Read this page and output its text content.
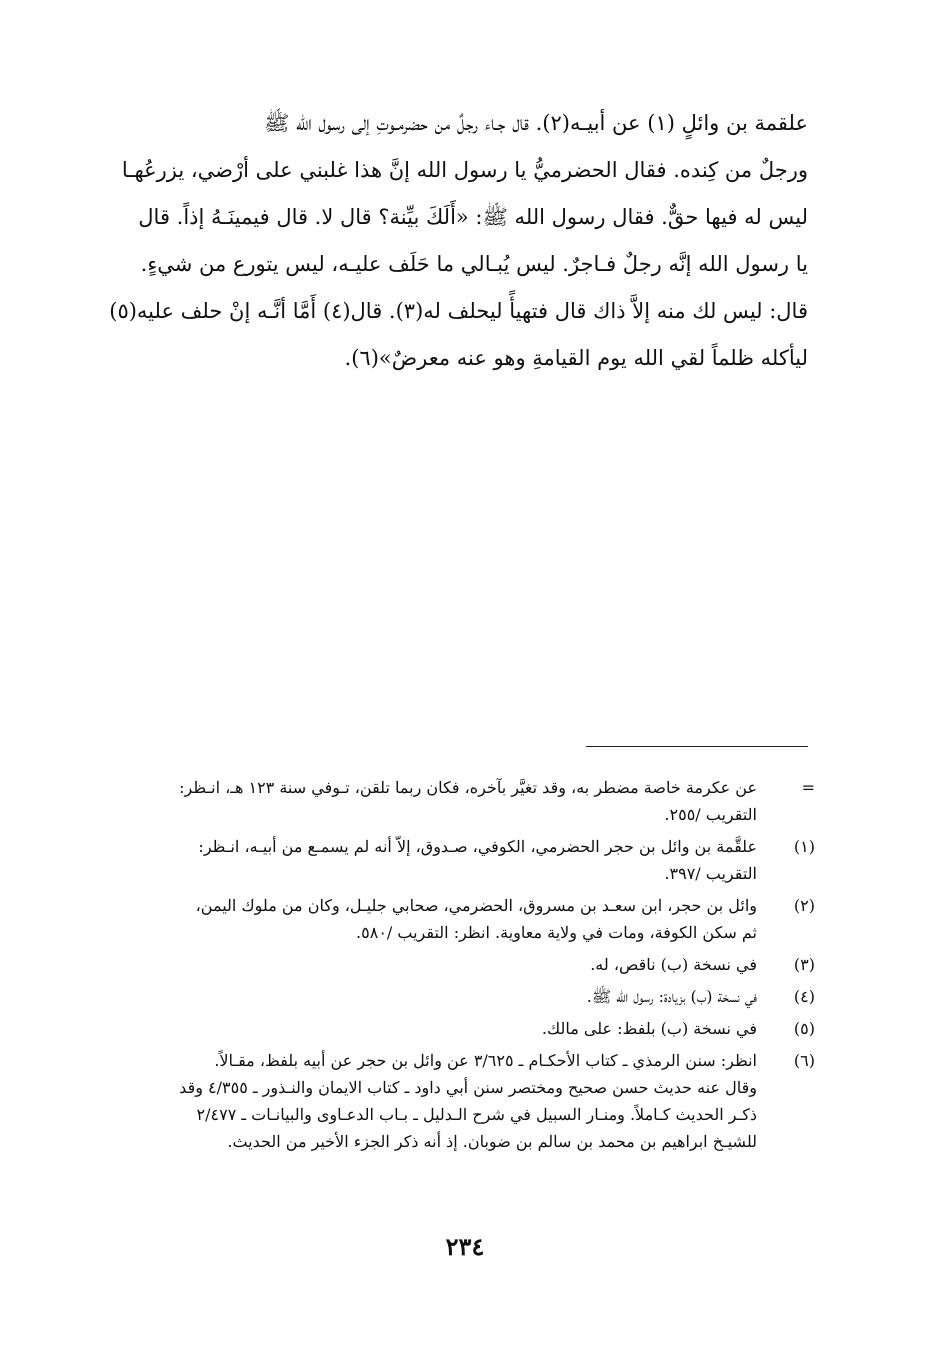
علقمة بن وائلٍ (١) عن أبيـه(٢). قال جـاء رجلٌ من حضرمـوتِ إلى رسول الله ﷺ
ورجلٌ من كِنده. فقال الحضرميُّ يا رسول الله إنَّ هذا غلبني على أرْضي، يزرعُهـا
ليس له فيها حقٌّ. فقال رسول الله ﷺ: «أَلَكَ بيِّنة؟ قال لا. قال فيمينَـهُ إذاً. قال
يا رسول الله إنَّه رجلٌ فـاجرٌ. ليس يُبـالي ما حَلَف عليـه، ليس يتورع من شيءٍ.
قال: ليس لك منه إلاَّ ذاك قال فتهيأً ليحلف له(٣). قال(٤) أَمَّا أنَّـه إنْ حلف عليه(٥)
ليأكله ظلماً لقي الله يوم القيامةِ وهو عنه معرضٌ»(٦).
=
عن عكرمة خاصة مضطر به، وقد تغيَّر بآخره، فكان ربما تلقن، تـوفي سنة ١٢٣ هـ، انـظر:
التقريب /٢٥٥.
(١)
علقَّمة بن وائل بن حجر الحضرمي، الكوفي، صـدوق، إلاّ أنه لم يسمـع من أبيـه، انـظر:
التقريب /٣٩٧.
(٢)
وائل بن حجر، ابن سعـد بن مسروق، الحضرمي، صحابي جليـل، وكان من ملوك اليمن،
ثم سكن الكوفة، ومات في ولاية معاوية. انظر: التقريب /٥٨٠.
(٣)
في نسخة (ب) ناقص، له.
(٤)
في نسخة (ب) بزيادة: رسول الله ﷺ.
(٥)
في نسخة (ب) بلفظ: على مالك.
(٦)
انظر: سنن الرمذي ـ كتاب الأحكـام ـ ٣/٦٢٥ عن وائل بن حجر عن أبيه بلفظ، مقـالاً.
وقال عنه حديث حسن صحيح ومختصر سنن أبي داود ـ كتاب الايمان والنـذور ـ ٤/٣٥٥ وقد
ذكـر الحديث كـاملاً. ومنـار السبيل في شرح الـدليل ـ بـاب الدعـاوى والبيانـات ـ ٢/٤٧٧
للشيـخ ابراهيم بن محمد بن سالم بن ضوبان. إذ أنه ذكر الجزء الأخير من الحديث.
٢٣٤
